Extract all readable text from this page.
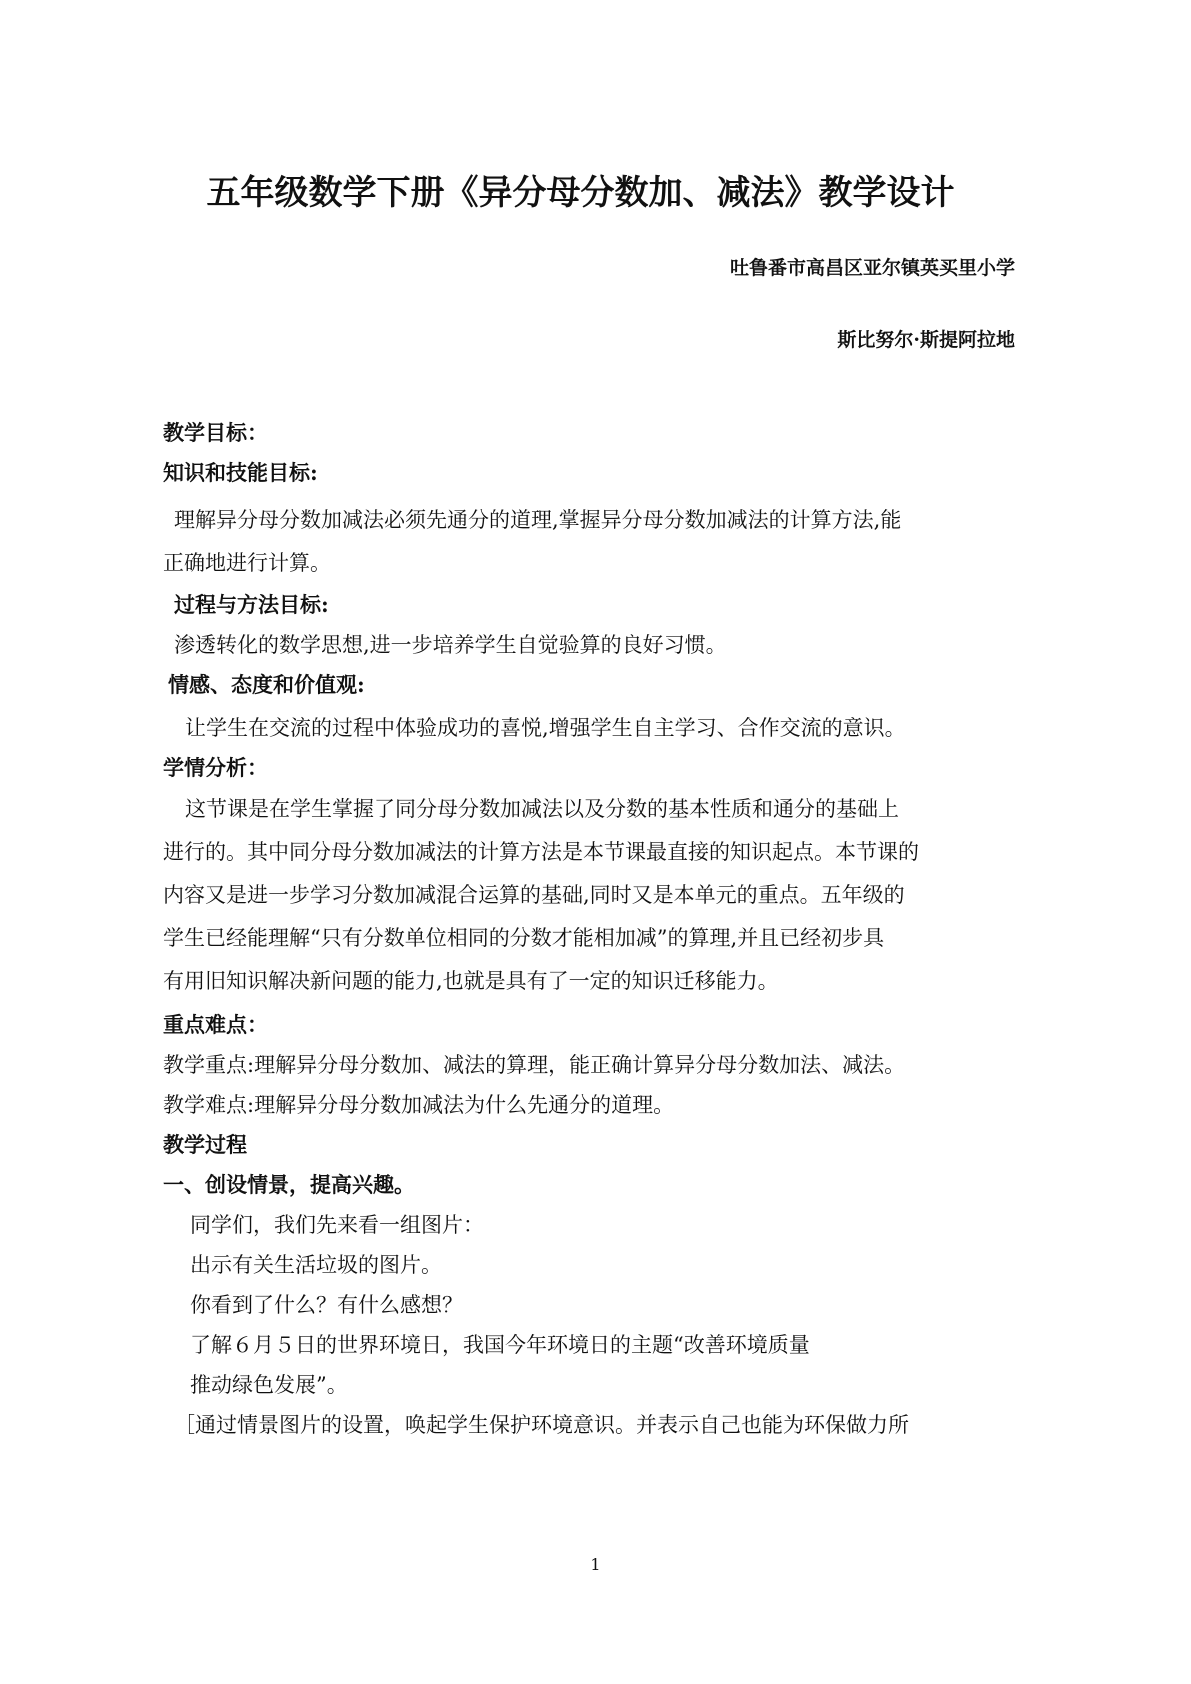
五年级数学下册《异分母分数加、减法》教学设计
吐鲁番市高昌区亚尔镇英买里小学
斯比努尔·斯提阿拉地
教学目标：
知识和技能目标:
理解异分母分数加减法必须先通分的道理,掌握异分母分数加减法的计算方法,能
正确地进行计算。
过程与方法目标:
渗透转化的数学思想,进一步培养学生自觉验算的良好习惯。
情感、态度和价值观:
让学生在交流的过程中体验成功的喜悦,增强学生自主学习、合作交流的意识。
学情分析：
这节课是在学生掌握了同分母分数加减法以及分数的基本性质和通分的基础上
进行的。其中同分母分数加减法的计算方法是本节课最直接的知识起点。本节课的
内容又是进一步学习分数加减混合运算的基础,同时又是本单元的重点。五年级的
学生已经能理解“只有分数单位相同的分数才能相加减”的算理,并且已经初步具
有用旧知识解决新问题的能力,也就是具有了一定的知识迁移能力。
重点难点：
教学重点:理解异分母分数加、减法的算理，能正确计算异分母分数加法、减法。
教学难点:理解异分母分数加减法为什么先通分的道理。
教学过程
一、创设情景，提高兴趣。
同学们，我们先来看一组图片：
出示有关生活垃圾的图片。
你看到了什么？有什么感想？
了解６月５日的世界环境日，我国今年环境日的主题“改善环境质量
推动绿色发展”。
［通过情景图片的设置，唤起学生保护环境意识。并表示自己也能为环保做力所
1
